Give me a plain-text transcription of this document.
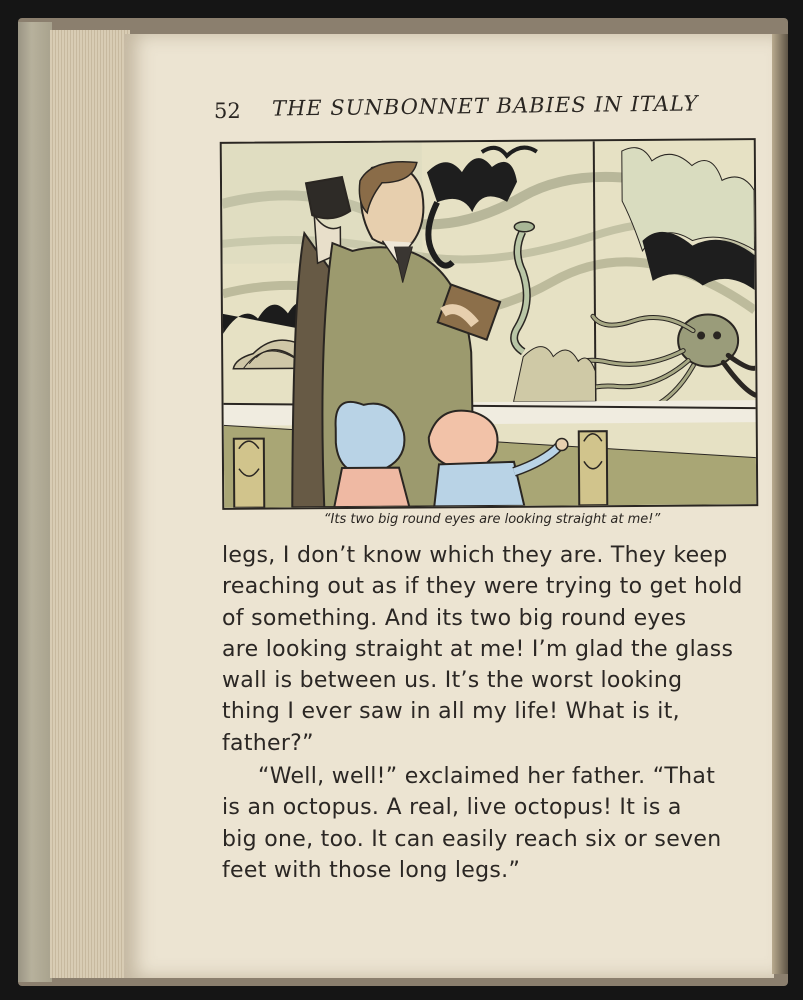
52 THE SUNBONNET BABIES IN ITALY
“Its two big round eyes are looking straight at me!”
legs, I don’t know which they are. They keep
reaching out as if they were trying to get hold
of something. And its two big round eyes
are looking straight at me! I’m glad the glass
wall is between us. It’s the worst looking
thing I ever saw in all my life! What is it,
father?”
“Well, well!” exclaimed her father. “That
is an octopus. A real, live octopus! It is a
big one, too. It can easily reach six or seven
feet with those long legs.”
